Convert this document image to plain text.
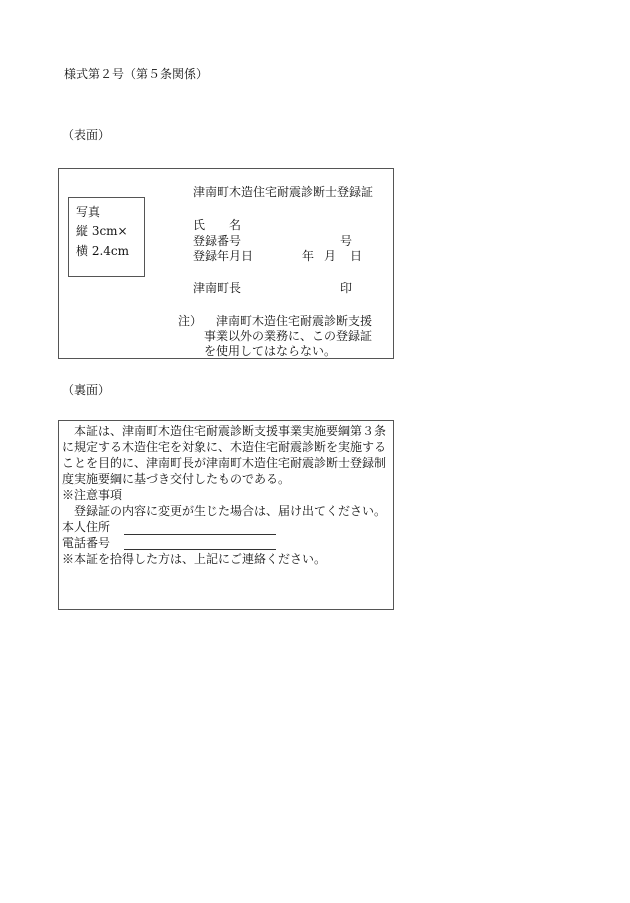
様式第２号（第５条関係）
（表面）
写真
縦 3cm×
横 2.4cm
津南町木造住宅耐震診断士登録証
氏　　名
登録番号	号
登録年月日	年 月 日
津南町長	印
注） 津南町木造住宅耐震診断支援
事業以外の業務に、この登録証
を使用してはならない。
（裏面）
　本証は、津南町木造住宅耐震診断支援事業実施要綱第３条
に規定する木造住宅を対象に、木造住宅耐震診断を実施する
ことを目的に、津南町長が津南町木造住宅耐震診断士登録制
度実施要綱に基づき交付したものである。
※注意事項
　登録証の内容に変更が生じた場合は、届け出てください。
本人住所
電話番号
※本証を拾得した方は、上記にご連絡ください。
